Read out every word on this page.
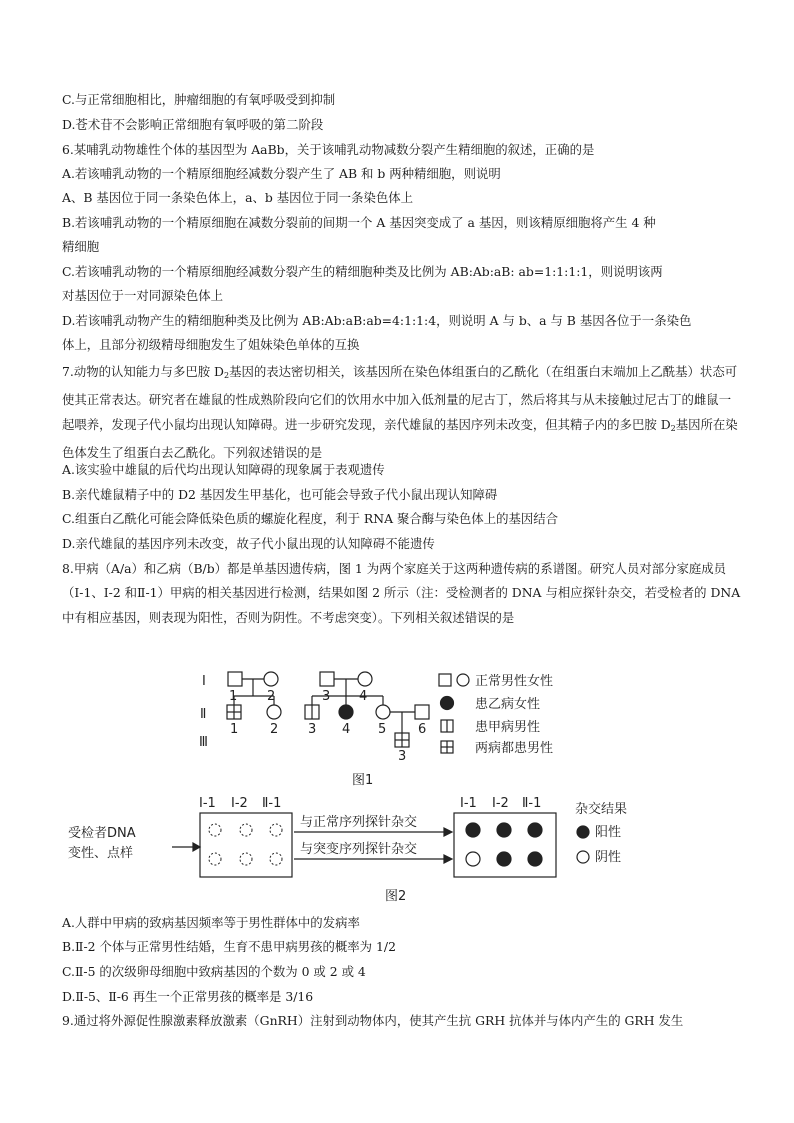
C.与正常细胞相比，肿瘤细胞的有氧呼吸受到抑制
D.苍术苷不会影响正常细胞有氧呼吸的第二阶段
6.某哺乳动物雄性个体的基因型为 AaBb，关于该哺乳动物减数分裂产生精细胞的叙述，正确的是
A.若该哺乳动物的一个精原细胞经减数分裂产生了 AB 和 b 两种精细胞，则说明
A、B 基因位于同一条染色体上，a、b 基因位于同一条染色体上
B.若该哺乳动物的一个精原细胞在减数分裂前的间期一个 A 基因突变成了 a 基因，则该精原细胞将产生 4 种
精细胞
C.若该哺乳动物的一个精原细胞经减数分裂产生的精细胞种类及比例为 AB:Ab:aB: ab=1:1:1:1，则说明该两
对基因位于一对同源染色体上
D.若该哺乳动物产生的精细胞种类及比例为 AB:Ab:aB:ab=4:1:1:4，则说明 A 与 b、a 与 B 基因各位于一条染色
体上，且部分初级精母细胞发生了姐妹染色单体的互换
7.动物的认知能力与多巴胺 $D_2$基因的表达密切相关，该基因所在染色体组蛋白的乙酰化（在组蛋白末端加上乙酰基）状态可使其正常表达。研究者在雄鼠的性成熟阶段向它们的饮用水中加入低剂量的尼古丁，然后将其与从未接触过尼古丁的雌鼠一起喂养，发现子代小鼠均出现认知障碍。进一步研究发现，亲代雄鼠的基因序列未改变，但其精子内的多巴胺 $D_2$基因所在染色体发生了组蛋白去乙酰化。下列叙述错误的是
A.该实验中雄鼠的后代均出现认知障碍的现象属于表观遗传
B.亲代雄鼠精子中的 D2 基因发生甲基化，也可能会导致子代小鼠出现认知障碍
C.组蛋白乙酰化可能会降低染色质的螺旋化程度，利于 RNA 聚合酶与染色体上的基因结合
D.亲代雄鼠的基因序列未改变，故子代小鼠出现的认知障碍不能遗传
8.甲病（A/a）和乙病（B/b）都是单基因遗传病，图 1 为两个家庭关于这两种遗传病的系谱图。研究人员对部分家庭成员（Ⅰ-1、Ⅰ-2 和Ⅱ-1）甲病的相关基因进行检测，结果如图 2 所示（注：受检测者的 DNA 与相应探针杂交，若受检者的 DNA 中有相应基因，则表现为阳性，否则为阴性。不考虑突变）。下列相关叙述错误的是
Ⅰ
Ⅱ
Ⅲ
1 2	3 4
1 2 3 4 5 6
3
正常男性女性
患乙病女性
患甲病男性
两病都患男性
图1
受检者DNA
变性、点样
Ⅰ-1 Ⅰ-2 Ⅱ-1
与正常序列探针杂交
与突变序列探针杂交
Ⅰ-1 Ⅰ-2 Ⅱ-1	杂交结果
阳性
阴性
图2
A.人群中甲病的致病基因频率等于男性群体中的发病率
B.Ⅱ-2 个体与正常男性结婚，生育不患甲病男孩的概率为 1/2
C.Ⅱ-5 的次级卵母细胞中致病基因的个数为 0 或 2 或 4
D.Ⅱ-5、Ⅱ-6 再生一个正常男孩的概率是 3/16
9.通过将外源促性腺激素释放激素（GnRH）注射到动物体内，使其产生抗 GRH 抗体并与体内产生的 GRH 发生
